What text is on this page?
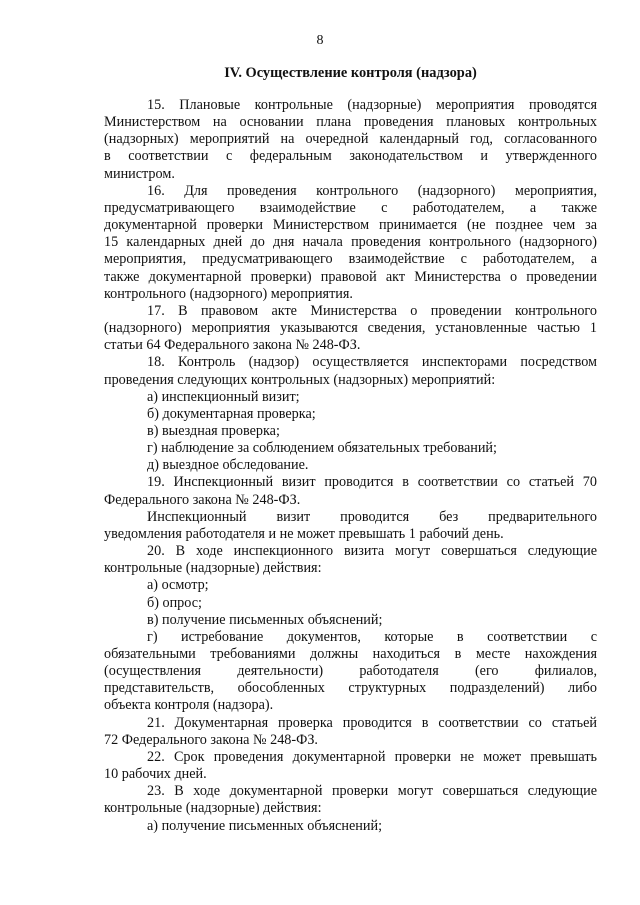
8
IV. Осуществление контроля (надзора)
15. Плановые контрольные (надзорные) мероприятия проводятся
Министерством на основании плана проведения плановых контрольных
(надзорных) мероприятий на очередной календарный год, согласованного
в соответствии с федеральным законодательством и утвержденного
министром.
16. Для проведения контрольного (надзорного) мероприятия,
предусматривающего взаимодействие с работодателем, а также
документарной проверки Министерством принимается (не позднее чем за
15 календарных дней до дня начала проведения контрольного (надзорного)
мероприятия, предусматривающего взаимодействие с работодателем, а
также документарной проверки) правовой акт Министерства о проведении
контрольного (надзорного) мероприятия.
17. В правовом акте Министерства о проведении контрольного
(надзорного) мероприятия указываются сведения, установленные частью 1
статьи 64 Федерального закона № 248-ФЗ.
18. Контроль (надзор) осуществляется инспекторами посредством
проведения следующих контрольных (надзорных) мероприятий:
а) инспекционный визит;
б) документарная проверка;
в) выездная проверка;
г) наблюдение за соблюдением обязательных требований;
д) выездное обследование.
19. Инспекционный визит проводится в соответствии со статьей 70
Федерального закона № 248-ФЗ.
Инспекционный визит проводится без предварительного
уведомления работодателя и не может превышать 1 рабочий день.
20. В ходе инспекционного визита могут совершаться следующие
контрольные (надзорные) действия:
а) осмотр;
б) опрос;
в) получение письменных объяснений;
г) истребование документов, которые в соответствии с
обязательными требованиями должны находиться в месте нахождения
(осуществления деятельности) работодателя (его филиалов,
представительств, обособленных структурных подразделений) либо
объекта контроля (надзора).
21. Документарная проверка проводится в соответствии со статьей
72 Федерального закона № 248-ФЗ.
22. Срок проведения документарной проверки не может превышать
10 рабочих дней.
23. В ходе документарной проверки могут совершаться следующие
контрольные (надзорные) действия:
а) получение письменных объяснений;
